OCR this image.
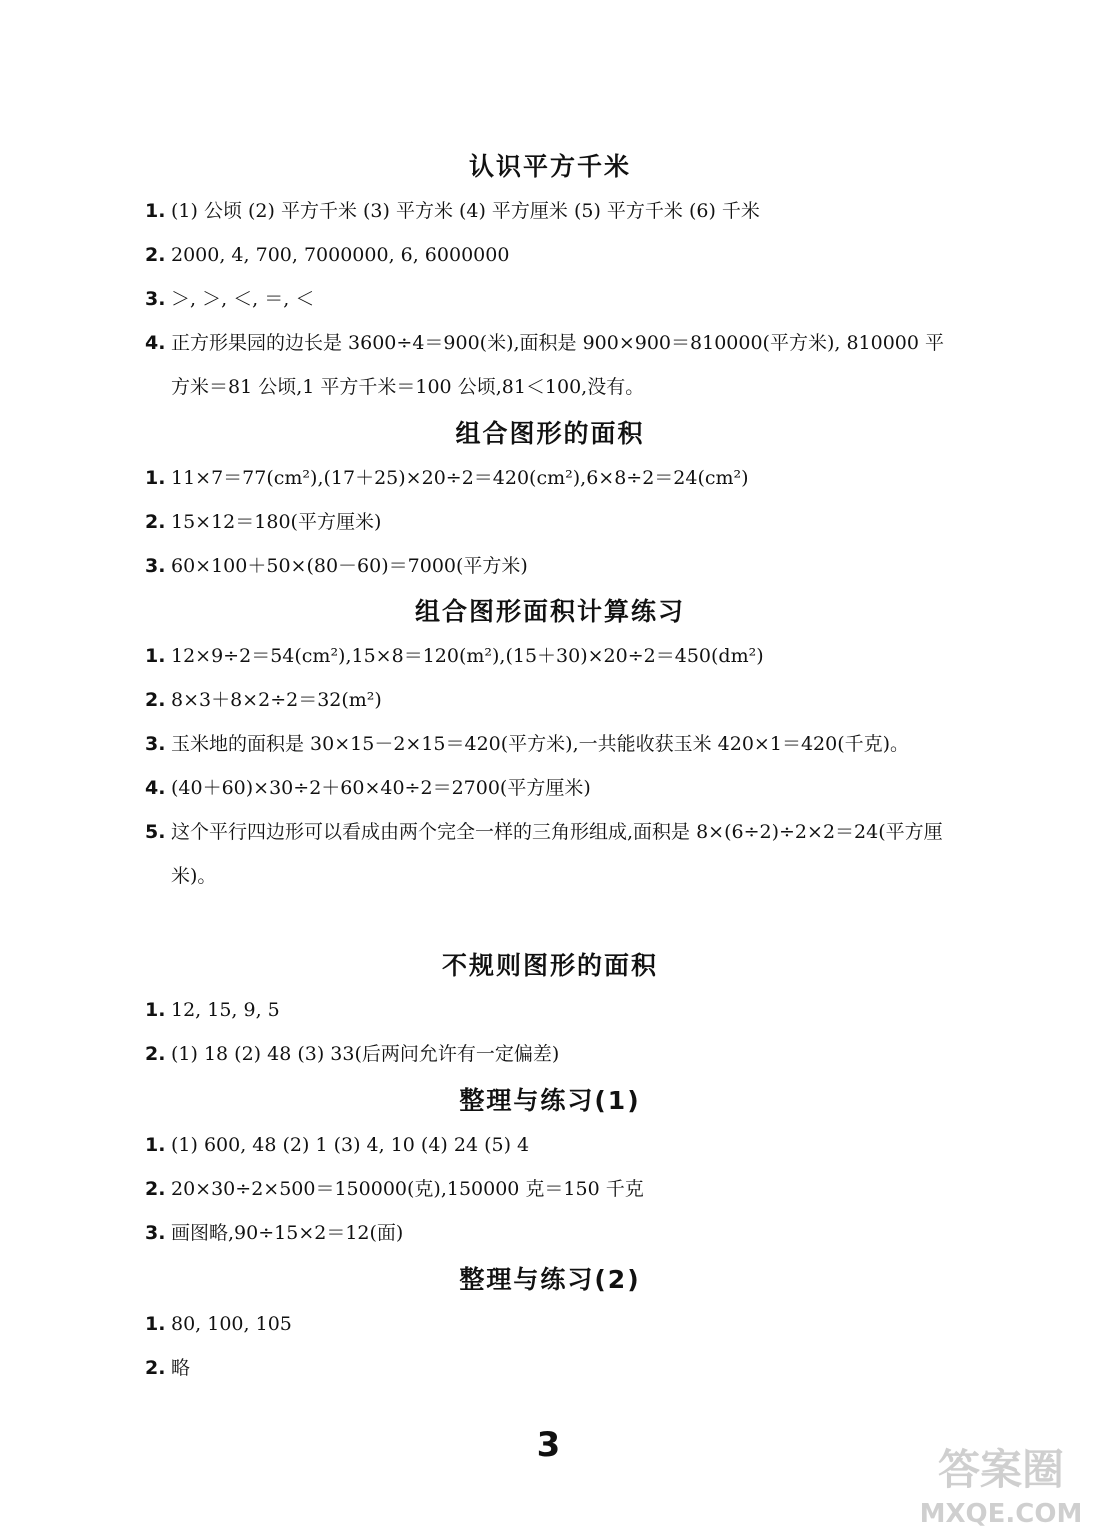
认识平方千米
1. (1) 公顷 (2) 平方千米 (3) 平方米 (4) 平方厘米 (5) 平方千米 (6) 千米
2. 2000, 4, 700, 7000000, 6, 6000000
3. ＞, ＞, ＜, ＝, ＜
4. 正方形果园的边长是 3600÷4＝900(米),面积是 900×900＝810000(平方米), 810000 平方米＝81 公顷,1 平方千米＝100 公顷,81＜100,没有。
组合图形的面积
1. 11×7＝77(cm²),(17＋25)×20÷2＝420(cm²),6×8÷2＝24(cm²)
2. 15×12＝180(平方厘米)
3. 60×100＋50×(80－60)＝7000(平方米)
组合图形面积计算练习
1. 12×9÷2＝54(cm²),15×8＝120(m²),(15＋30)×20÷2＝450(dm²)
2. 8×3＋8×2÷2＝32(m²)
3. 玉米地的面积是 30×15－2×15＝420(平方米),一共能收获玉米 420×1＝420(千克)。
4. (40＋60)×30÷2＋60×40÷2＝2700(平方厘米)
5. 这个平行四边形可以看成由两个完全一样的三角形组成,面积是 8×(6÷2)÷2×2＝24(平方厘米)。
不规则图形的面积
1. 12, 15, 9, 5
2. (1) 18 (2) 48 (3) 33(后两问允许有一定偏差)
整理与练习(1)
1. (1) 600, 48 (2) 1 (3) 4, 10 (4) 24 (5) 4
2. 20×30÷2×500＝150000(克),150000 克＝150 千克
3. 画图略,90÷15×2＝12(面)
整理与练习(2)
1. 80, 100, 105
2. 略
3	答案圈
MXQE.COM
